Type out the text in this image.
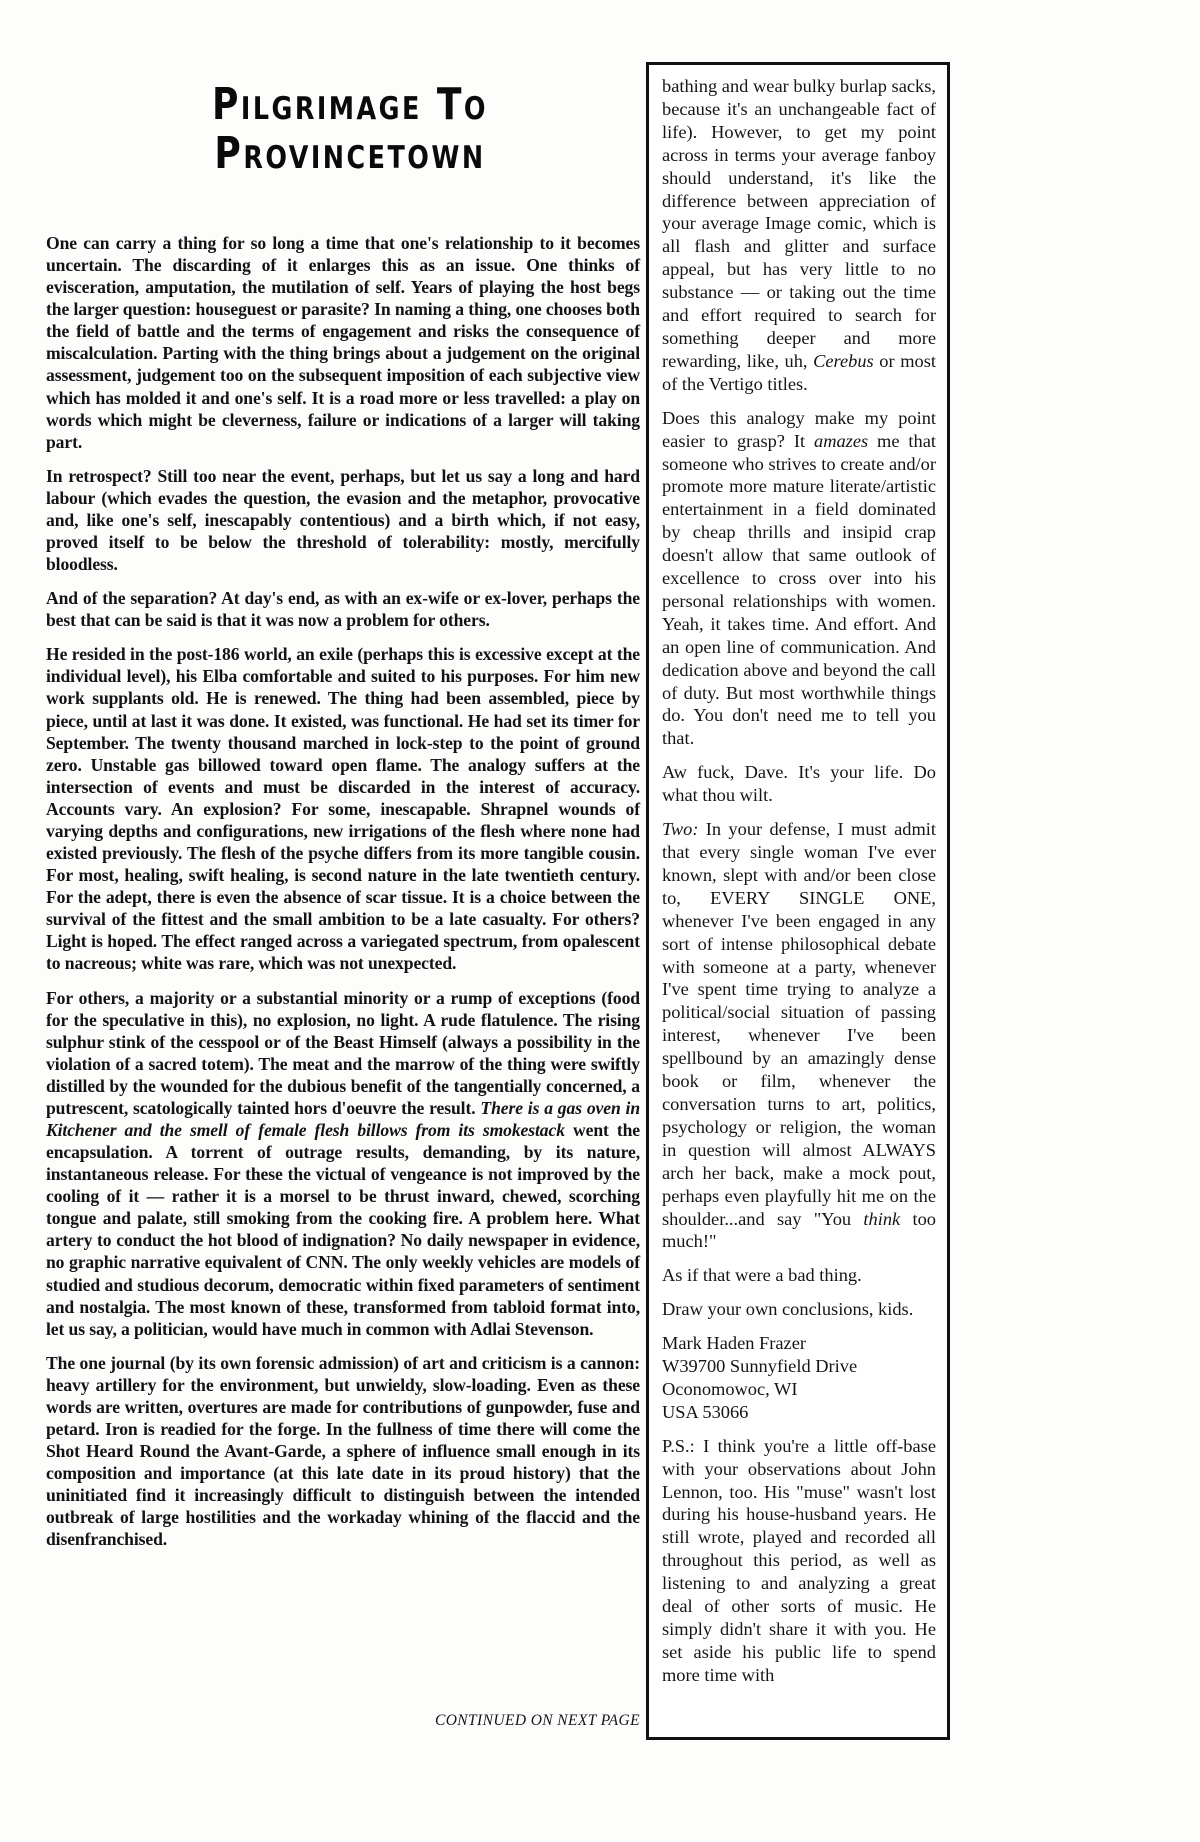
Pilgrimage To
Provincetown

One can carry a thing for so long a time that one's relationship to it becomes uncertain. The discarding of it enlarges this as an issue. One thinks of evisceration, amputation, the mutilation of self. Years of playing the host begs the larger question: houseguest or parasite? In naming a thing, one chooses both the field of battle and the terms of engagement and risks the consequence of miscalculation. Parting with the thing brings about a judgement on the original assessment, judgement too on the subsequent imposition of each subjective view which has molded it and one's self. It is a road more or less travelled: a play on words which might be cleverness, failure or indications of a larger will taking part.

In retrospect? Still too near the event, perhaps, but let us say a long and hard labour (which evades the question, the evasion and the metaphor, provocative and, like one's self, inescapably contentious) and a birth which, if not easy, proved itself to be below the threshold of tolerability: mostly, mercifully bloodless.

And of the separation? At day's end, as with an ex-wife or ex-lover, perhaps the best that can be said is that it was now a problem for others.

He resided in the post-186 world, an exile (perhaps this is excessive except at the individual level), his Elba comfortable and suited to his purposes. For him new work supplants old. He is renewed. The thing had been assembled, piece by piece, until at last it was done. It existed, was functional. He had set its timer for September. The twenty thousand marched in lock-step to the point of ground zero. Unstable gas billowed toward open flame. The analogy suffers at the intersection of events and must be discarded in the interest of accuracy. Accounts vary. An explosion? For some, inescapable. Shrapnel wounds of varying depths and configurations, new irrigations of the flesh where none had existed previously. The flesh of the psyche differs from its more tangible cousin. For most, healing, swift healing, is second nature in the late twentieth century. For the adept, there is even the absence of scar tissue. It is a choice between the survival of the fittest and the small ambition to be a late casualty. For others? Light is hoped. The effect ranged across a variegated spectrum, from opalescent to nacreous; white was rare, which was not unexpected.

For others, a majority or a substantial minority or a rump of exceptions (food for the speculative in this), no explosion, no light. A rude flatulence. The rising sulphur stink of the cesspool or of the Beast Himself (always a possibility in the violation of a sacred totem). The meat and the marrow of the thing were swiftly distilled by the wounded for the dubious benefit of the tangentially concerned, a putrescent, scatologically tainted hors d'oeuvre the result. There is a gas oven in Kitchener and the smell of female flesh billows from its smokestack went the encapsulation. A torrent of outrage results, demanding, by its nature, instantaneous release. For these the victual of vengeance is not improved by the cooling of it — rather it is a morsel to be thrust inward, chewed, scorching tongue and palate, still smoking from the cooking fire. A problem here. What artery to conduct the hot blood of indignation? No daily newspaper in evidence, no graphic narrative equivalent of CNN. The only weekly vehicles are models of studied and studious decorum, democratic within fixed parameters of sentiment and nostalgia. The most known of these, transformed from tabloid format into, let us say, a politician, would have much in common with Adlai Stevenson.

The one journal (by its own forensic admission) of art and criticism is a cannon: heavy artillery for the environment, but unwieldy, slow-loading. Even as these words are written, overtures are made for contributions of gunpowder, fuse and petard. Iron is readied for the forge. In the fullness of time there will come the Shot Heard Round the Avant-Garde, a sphere of influence small enough in its composition and importance (at this late date in its proud history) that the uninitiated find it increasingly difficult to distinguish between the intended outbreak of large hostilities and the workaday whining of the flaccid and the disenfranchised.

CONTINUED ON NEXT PAGE

bathing and wear bulky burlap sacks, because it's an unchangeable fact of life). However, to get my point across in terms your average fanboy should understand, it's like the difference between appreciation of your average Image comic, which is all flash and glitter and surface appeal, but has very little to no substance — or taking out the time and effort required to search for something deeper and more rewarding, like, uh, Cerebus or most of the Vertigo titles.

Does this analogy make my point easier to grasp? It amazes me that someone who strives to create and/or promote more mature literate/artistic entertainment in a field dominated by cheap thrills and insipid crap doesn't allow that same outlook of excellence to cross over into his personal relationships with women. Yeah, it takes time. And effort. And an open line of communication. And dedication above and beyond the call of duty. But most worthwhile things do. You don't need me to tell you that.

Aw fuck, Dave. It's your life. Do what thou wilt.

Two: In your defense, I must admit that every single woman I've ever known, slept with and/or been close to, EVERY SINGLE ONE, whenever I've been engaged in any sort of intense philosophical debate with someone at a party, whenever I've spent time trying to analyze a political/social situation of passing interest, whenever I've been spellbound by an amazingly dense book or film, whenever the conversation turns to art, politics, psychology or religion, the woman in question will almost ALWAYS arch her back, make a mock pout, perhaps even playfully hit me on the shoulder...and say "You think too much!"

As if that were a bad thing.

Draw your own conclusions, kids.

Mark Haden Frazer

W39700 Sunnyfield Drive

Oconomowoc, WI

USA 53066

P.S.: I think you're a little off-base with your observations about John Lennon, too. His "muse" wasn't lost during his house-husband years. He still wrote, played and recorded all throughout this period, as well as listening to and analyzing a great deal of other sorts of music. He simply didn't share it with you. He set aside his public life to spend more time with
